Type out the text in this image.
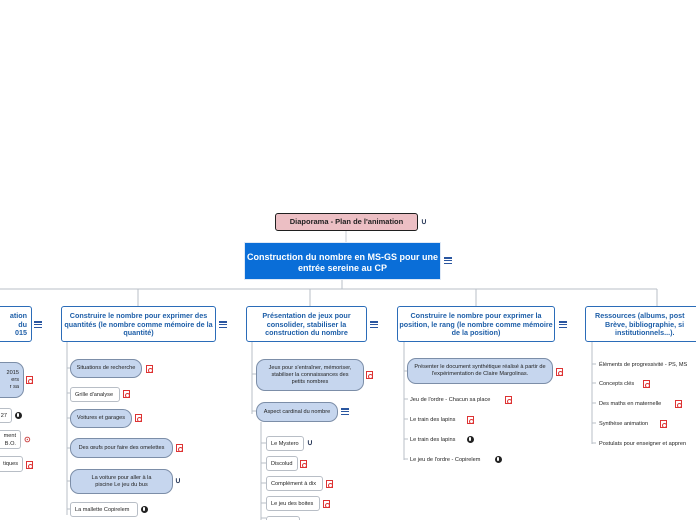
Diaporama - Plan de l'animation	∪
Construction du nombre en MS-GS pour une entrée sereine au CP
ation
du
015
2015
ers
r sa
27
ment
B.O. ⊙
tiques
Construire le nombre pour exprimer des quantités (le nombre comme mémoire de la quantité)
Situations de recherche
Grille d'analyse
Voitures et garages
Des œufs pour faire des omelettes
La voiture pour aller à la piscine Le jeu du bus	∪
La mallette Copirelem
Présentation de jeux pour consolider, stabiliser la construction du nombre
Jeux pour s'entraîner, mémoriser, stabiliser la connaissances des petits nombres
Aspect cardinal du nombre
Le Mystero	∪
Discolud
Complément à dix
Le jeu des boites
Construire le nombre pour exprimer la position, le rang (le nombre comme mémoire de la position)
Présenter le document synthétique réalisé à partir de l'expérimentation de Claire Margolinas.
Jeu de l'ordre - Chacun sa place
Le train des lapins
Le train des lapins
Le jeu de l'ordre - Copirelem
Ressources (albums, post
Brève, bibliographie, si
institutionnels...).
Éléments de progressivité - PS, MS
Concepts clés
Des maths en maternelle
Synthèse animation
Postulats pour enseigner et appren
